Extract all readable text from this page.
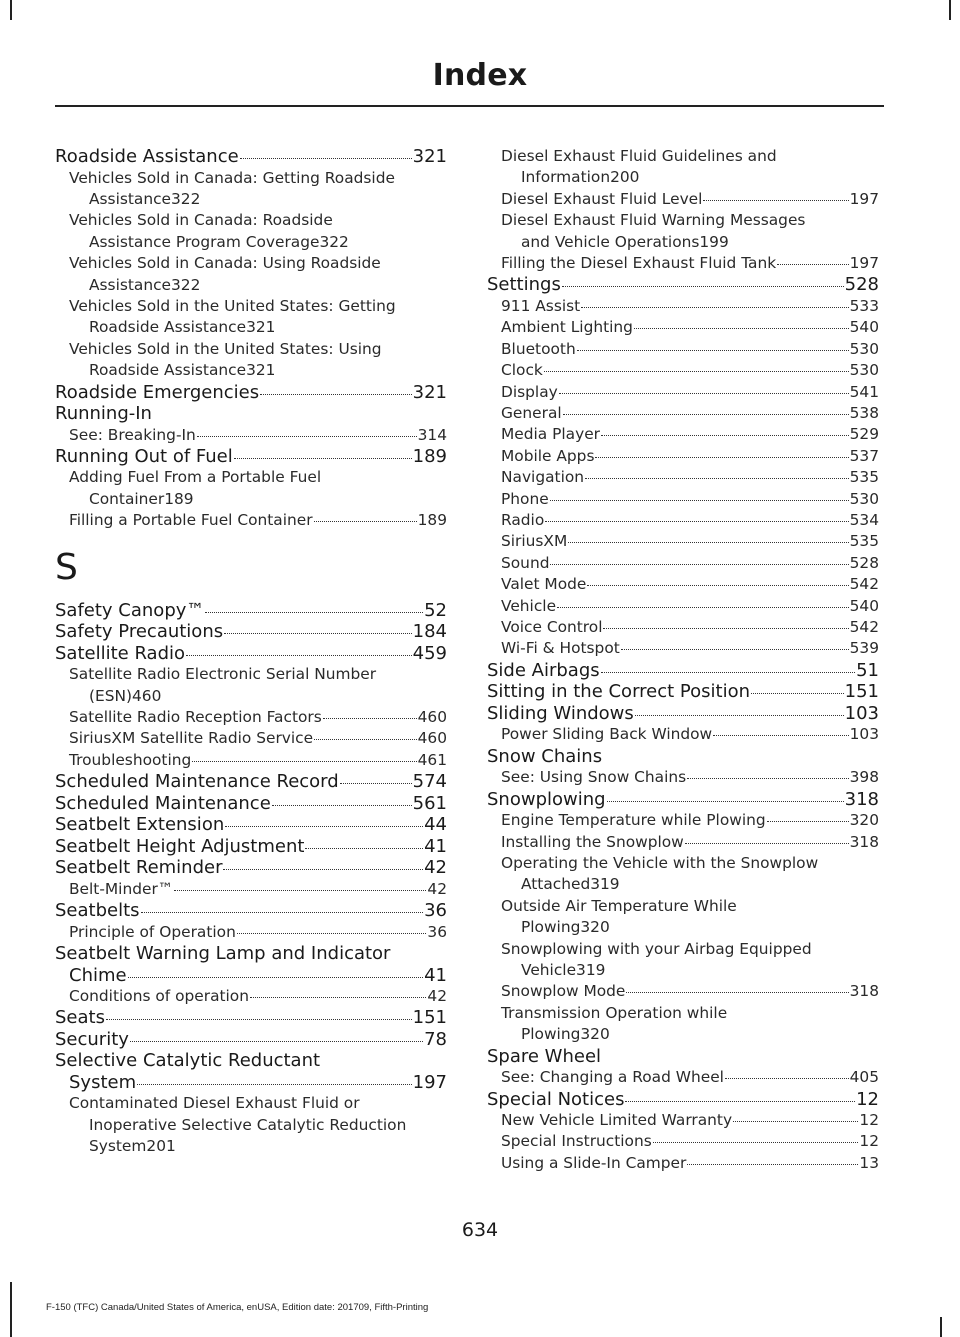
Index
Roadside Assistance	321
Vehicles Sold in Canada: Getting Roadside
Assistance 322
Vehicles Sold in Canada: Roadside
Assistance Program Coverage 322
Vehicles Sold in Canada: Using Roadside
Assistance 322
Vehicles Sold in the United States: Getting
Roadside Assistance 321
Vehicles Sold in the United States: Using
Roadside Assistance 321
Roadside Emergencies	321
Running-In
See: Breaking-In	314
Running Out of Fuel	189
Adding Fuel From a Portable Fuel
Container 189
Filling a Portable Fuel Container	189
S
Safety Canopy™	52
Safety Precautions	184
Satellite Radio	459
Satellite Radio Electronic Serial Number
(ESN) 460
Satellite Radio Reception Factors	460
SiriusXM Satellite Radio Service	460
Troubleshooting	461
Scheduled Maintenance Record	574
Scheduled Maintenance	561
Seatbelt Extension	44
Seatbelt Height Adjustment	41
Seatbelt Reminder	42
Belt-Minder™	42
Seatbelts	36
Principle of Operation	36
Seatbelt Warning Lamp and Indicator
Chime	41
Conditions of operation	42
Seats	151
Security	78
Selective Catalytic Reductant
System	197
Contaminated Diesel Exhaust Fluid or
Inoperative Selective Catalytic Reduction
System 201
Diesel Exhaust Fluid Guidelines and
Information 200
Diesel Exhaust Fluid Level	197
Diesel Exhaust Fluid Warning Messages
and Vehicle Operations 199
Filling the Diesel Exhaust Fluid Tank	197
Settings	528
911 Assist	533
Ambient Lighting	540
Bluetooth	530
Clock	530
Display	541
General	538
Media Player	529
Mobile Apps	537
Navigation	535
Phone	530
Radio	534
SiriusXM	535
Sound	528
Valet Mode	542
Vehicle	540
Voice Control	542
Wi-Fi & Hotspot	539
Side Airbags	51
Sitting in the Correct Position	151
Sliding Windows	103
Power Sliding Back Window	103
Snow Chains
See: Using Snow Chains	398
Snowplowing	318
Engine Temperature while Plowing	320
Installing the Snowplow	318
Operating the Vehicle with the Snowplow
Attached 319
Outside Air Temperature While
Plowing 320
Snowplowing with your Airbag Equipped
Vehicle 319
Snowplow Mode	318
Transmission Operation while
Plowing 320
Spare Wheel
See: Changing a Road Wheel	405
Special Notices	12
New Vehicle Limited Warranty	12
Special Instructions	12
Using a Slide-In Camper	13
634
F-150 (TFC) Canada/United States of America, enUSA, Edition date: 201709, Fifth-Printing
